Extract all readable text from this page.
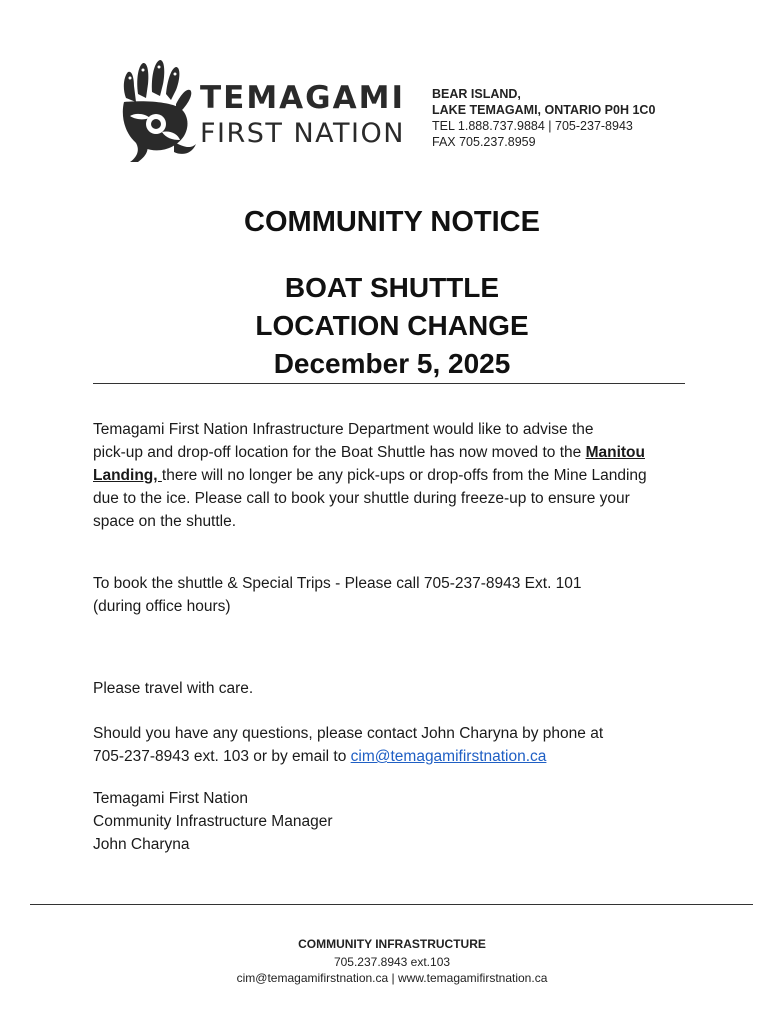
TEMAGAMI
FIRST NATION
BEAR ISLAND,
LAKE TEMAGAMI, ONTARIO P0H 1C0
TEL 1.888.737.9884 | 705-237-8943
FAX 705.237.8959
COMMUNITY NOTICE
BOAT SHUTTLE
LOCATION CHANGE
December 5, 2025
Temagami First Nation Infrastructure Department would like to advise the
pick-up and drop-off location for the Boat Shuttle has now moved to the Manitou
Landing, there will no longer be any pick-ups or drop-offs from the Mine Landing
due to the ice. Please call to book your shuttle during freeze-up to ensure your
space on the shuttle.
To book the shuttle & Special Trips - Please call 705-237-8943 Ext. 101
(during office hours)
Please travel with care.
Should you have any questions, please contact John Charyna by phone at
705-237-8943 ext. 103 or by email to cim@temagamifirstnation.ca
Temagami First Nation
Community Infrastructure Manager
John Charyna
COMMUNITY INFRASTRUCTURE
705.237.8943 ext.103
cim@temagamifirstnation.ca | www.temagamifirstnation.ca
